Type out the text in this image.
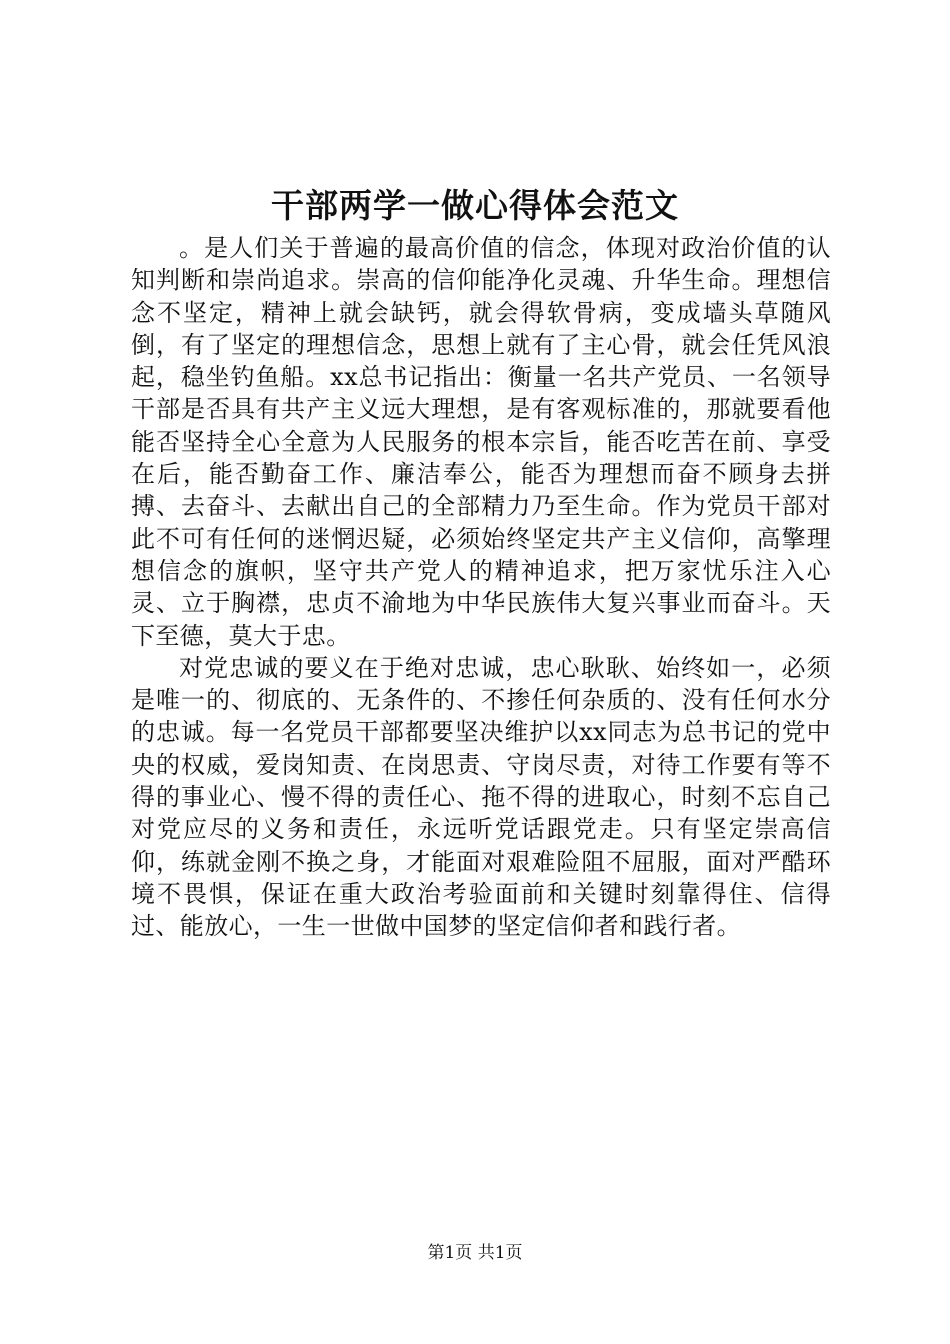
干部两学一做心得体会范文

。是人们关于普遍的最高价值的信念，体现对政治价值的认知判断和崇尚追求。崇高的信仰能净化灵魂、升华生命。理想信念不坚定，精神上就会缺钙，就会得软骨病，变成墙头草随风倒，有了坚定的理想信念，思想上就有了主心骨，就会任凭风浪起，稳坐钓鱼船。xx总书记指出：衡量一名共产党员、一名领导干部是否具有共产主义远大理想，是有客观标准的，那就要看他能否坚持全心全意为人民服务的根本宗旨，能否吃苦在前、享受在后，能否勤奋工作、廉洁奉公，能否为理想而奋不顾身去拼搏、去奋斗、去献出自己的全部精力乃至生命。作为党员干部对此不可有任何的迷惘迟疑，必须始终坚定共产主义信仰，高擎理想信念的旗帜，坚守共产党人的精神追求，把万家忧乐注入心灵、立于胸襟，忠贞不渝地为中华民族伟大复兴事业而奋斗。天下至德，莫大于忠。

对党忠诚的要义在于绝对忠诚，忠心耿耿、始终如一，必须是唯一的、彻底的、无条件的、不掺任何杂质的、没有任何水分的忠诚。每一名党员干部都要坚决维护以xx同志为总书记的党中央的权威，爱岗知责、在岗思责、守岗尽责，对待工作要有等不得的事业心、慢不得的责任心、拖不得的进取心，时刻不忘自己对党应尽的义务和责任，永远听党话跟党走。只有坚定崇高信仰，练就金刚不换之身，才能面对艰难险阻不屈服，面对严酷环境不畏惧，保证在重大政治考验面前和关键时刻靠得住、信得过、能放心，一生一世做中国梦的坚定信仰者和践行者。

第1页 共1页
